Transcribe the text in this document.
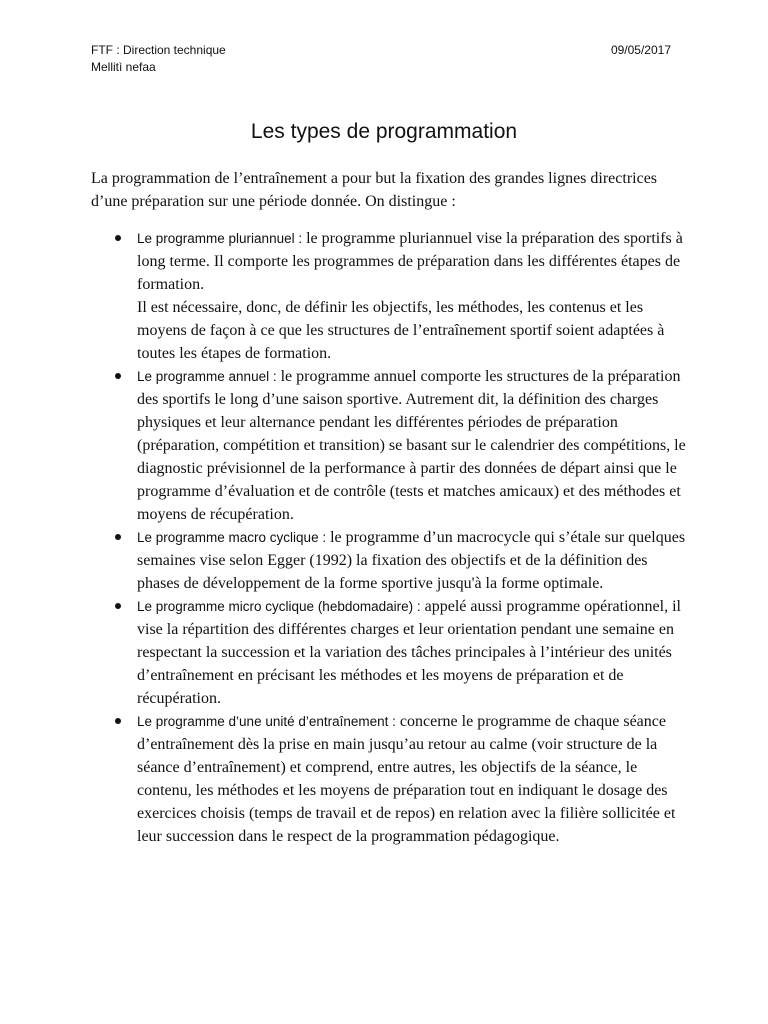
FTF : Direction technique	09/05/2017
Mellitì nefaa
Les types de programmation
La programmation de l’entraînement a pour but la fixation des grandes lignes directrices d’une préparation sur une période donnée. On distingue :
Le programme pluriannuel : le programme pluriannuel vise la préparation des sportifs à long terme. Il comporte les programmes de préparation dans les différentes étapes de formation.
Il est nécessaire, donc, de définir les objectifs, les méthodes, les contenus et les moyens de façon à ce que les structures de l’entraînement sportif soient adaptées à toutes les étapes de formation.
Le programme annuel : le programme annuel comporte les structures de la préparation des sportifs le long d’une saison sportive. Autrement dit, la définition des charges physiques et leur alternance pendant les différentes périodes de préparation (préparation, compétition et transition) se basant sur le calendrier des compétitions, le diagnostic prévisionnel de la performance à partir des données de départ ainsi que le programme d’évaluation et de contrôle (tests et matches amicaux) et des méthodes et moyens de récupération.
Le programme macro cyclique : le programme d’un macrocycle qui s’étale sur quelques semaines vise selon Egger (1992) la fixation des objectifs et de la définition des phases de développement de la forme sportive jusqu'à la forme optimale.
Le programme micro cyclique (hebdomadaire) : appelé aussi programme opérationnel, il vise la répartition des différentes charges et leur orientation pendant une semaine en respectant la succession et la variation des tâches principales à l’intérieur des unités d’entraînement en précisant les méthodes et les moyens de préparation et de récupération.
Le programme d’une unité d’entraînement : concerne le programme de chaque séance d’entraînement dès la prise en main jusqu’au retour au calme (voir structure de la séance d’entraînement) et comprend, entre autres, les objectifs de la séance, le contenu, les méthodes et les moyens de préparation tout en indiquant le dosage des exercices choisis (temps de travail et de repos) en relation avec la filière sollicitée et leur succession dans le respect de la programmation pédagogique.
